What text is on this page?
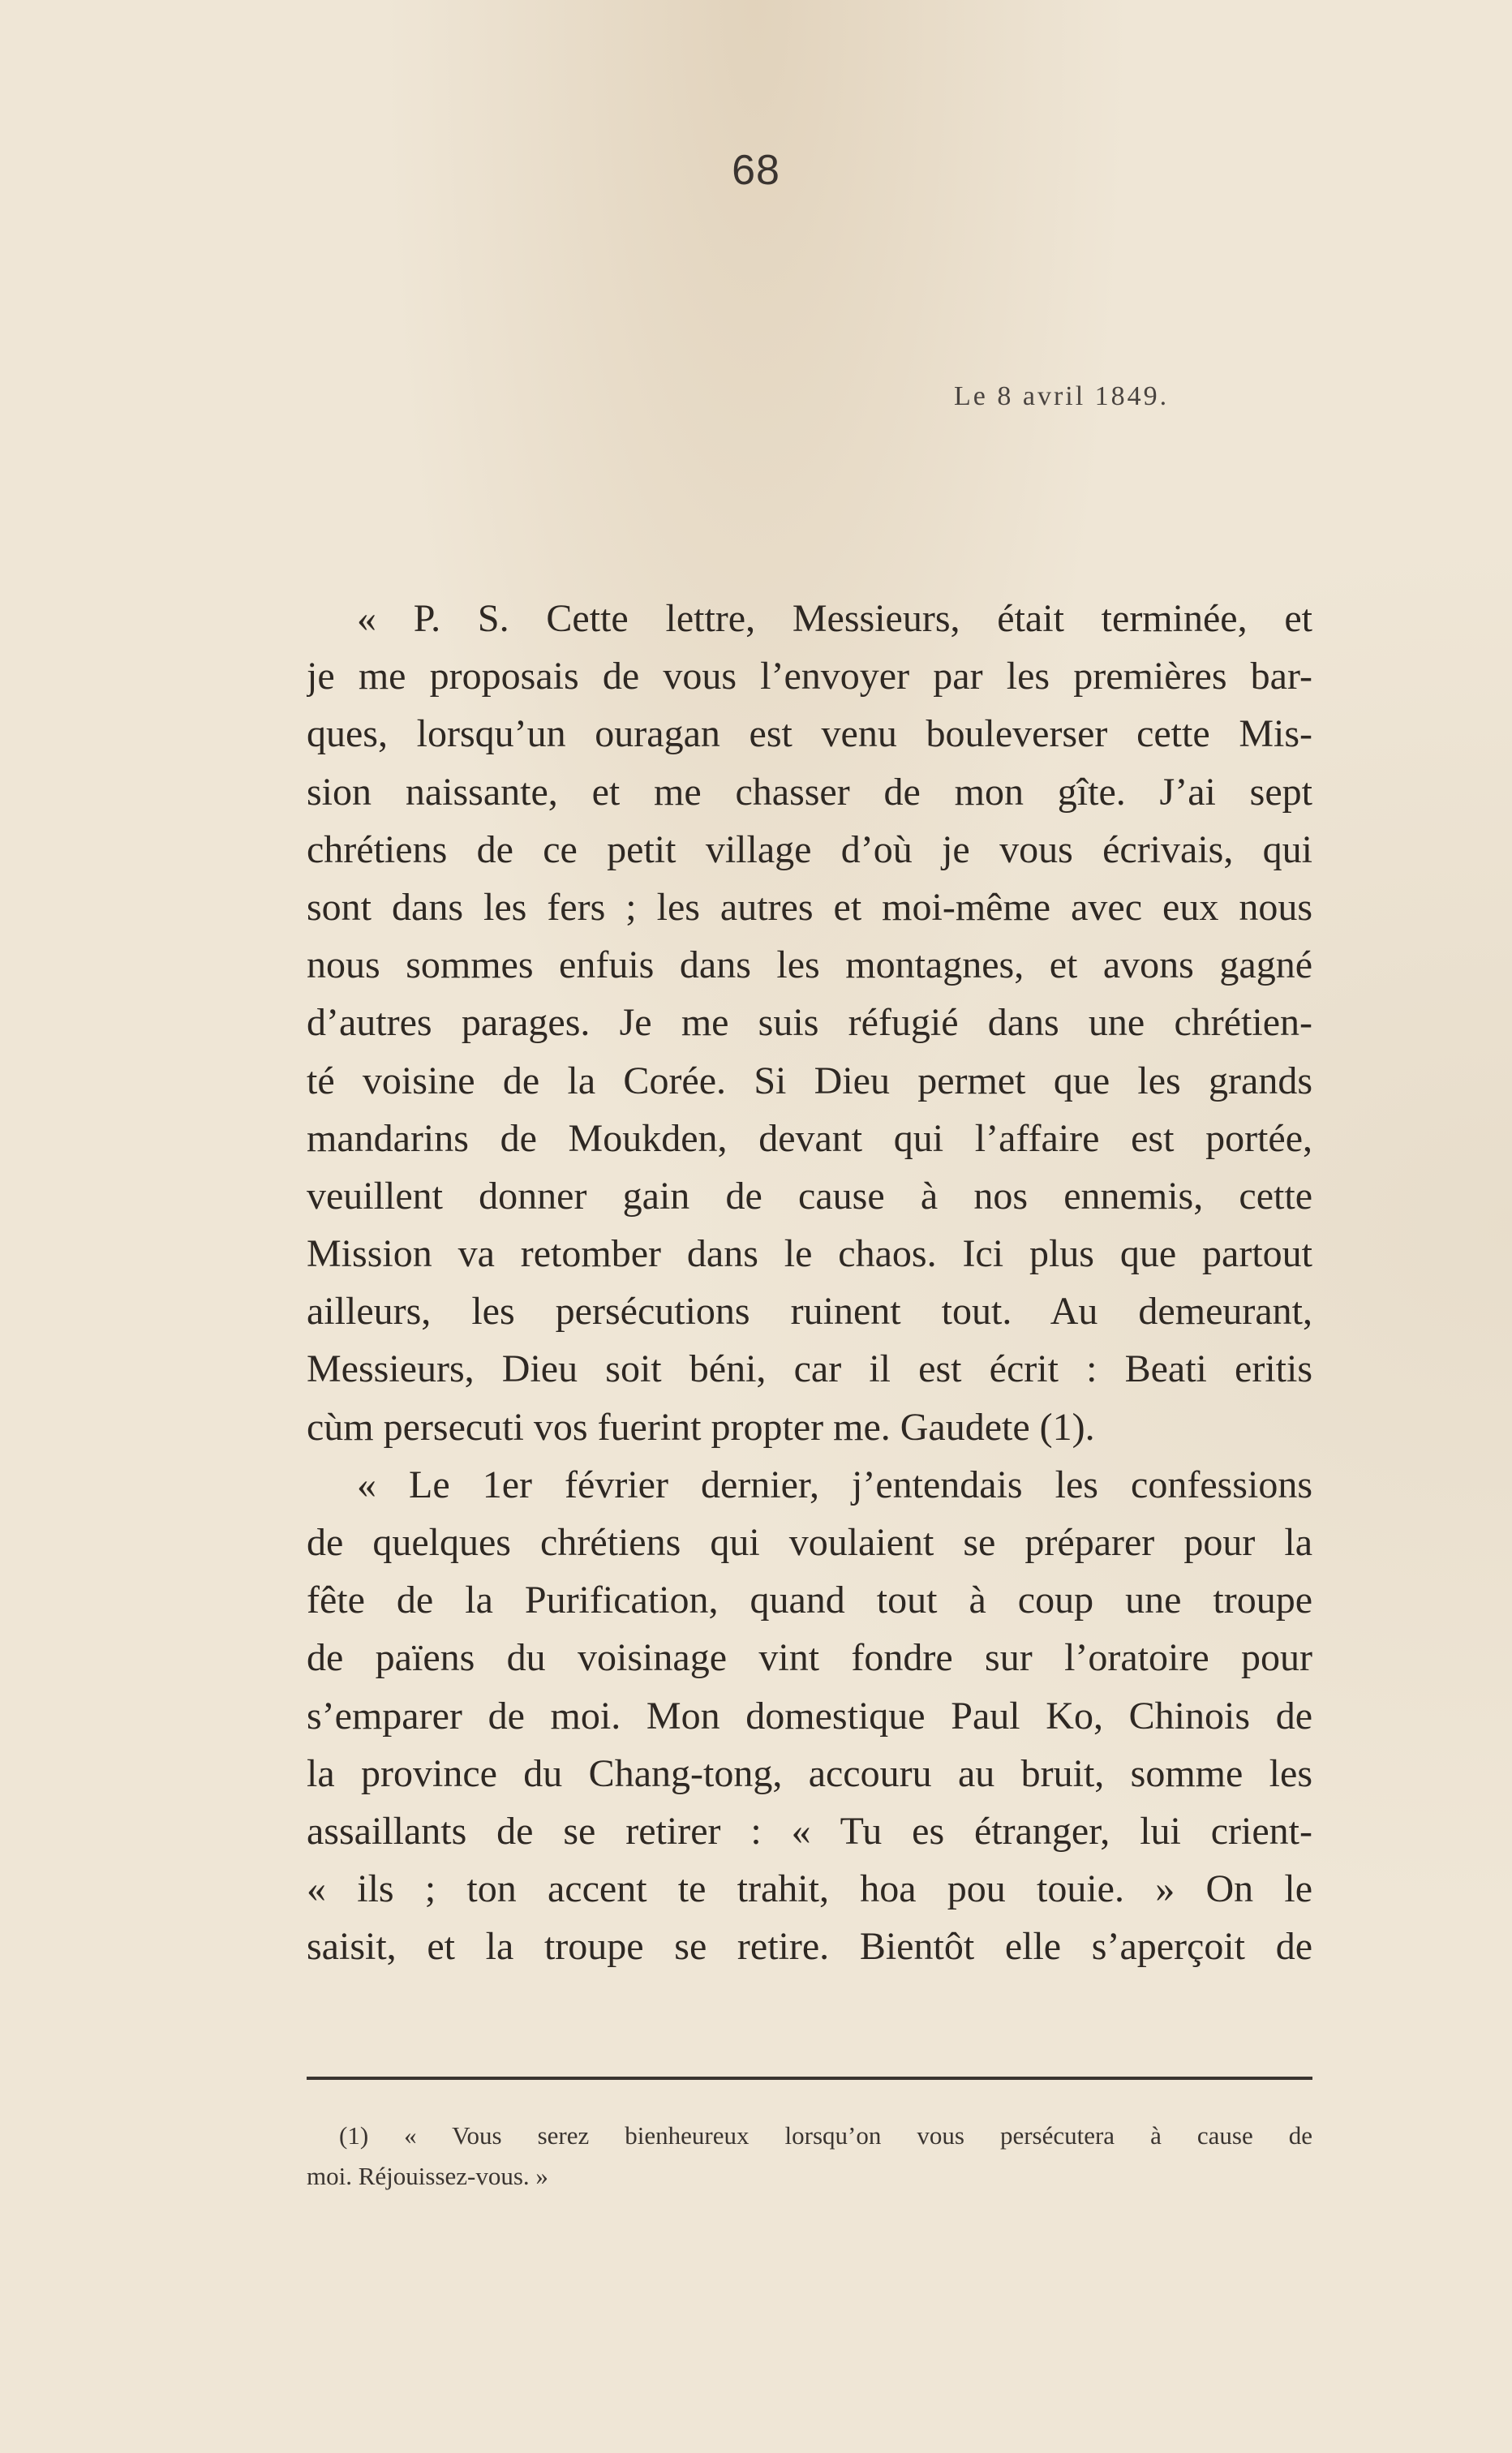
68
Le 8 avril 1849.
« P. S. Cette lettre, Messieurs, était terminée, et
je me proposais de vous l’envoyer par les premières bar-
ques, lorsqu’un ouragan est venu bouleverser cette Mis-
sion naissante, et me chasser de mon gîte. J’ai sept
chrétiens de ce petit village d’où je vous écrivais, qui
sont dans les fers ; les autres et moi-même avec eux nous
nous sommes enfuis dans les montagnes, et avons gagné
d’autres parages. Je me suis réfugié dans une chrétien-
té voisine de la Corée. Si Dieu permet que les grands
mandarins de Moukden, devant qui l’affaire est portée,
veuillent donner gain de cause à nos ennemis, cette
Mission va retomber dans le chaos. Ici plus que partout
ailleurs, les persécutions ruinent tout. Au demeurant,
Messieurs, Dieu soit béni, car il est écrit : Beati eritis
cùm persecuti vos fuerint propter me. Gaudete (1).
« Le 1er février dernier, j’entendais les confessions
de quelques chrétiens qui voulaient se préparer pour la
fête de la Purification, quand tout à coup une troupe
de païens du voisinage vint fondre sur l’oratoire pour
s’emparer de moi. Mon domestique Paul Ko, Chinois de
la province du Chang-tong, accouru au bruit, somme les
assaillants de se retirer : « Tu es étranger, lui crient-
« ils ; ton accent te trahit, hoa pou touie. » On le
saisit, et la troupe se retire. Bientôt elle s’aperçoit de
(1) « Vous serez bienheureux lorsqu’on vous persécutera à cause de
moi. Réjouissez-vous. »
